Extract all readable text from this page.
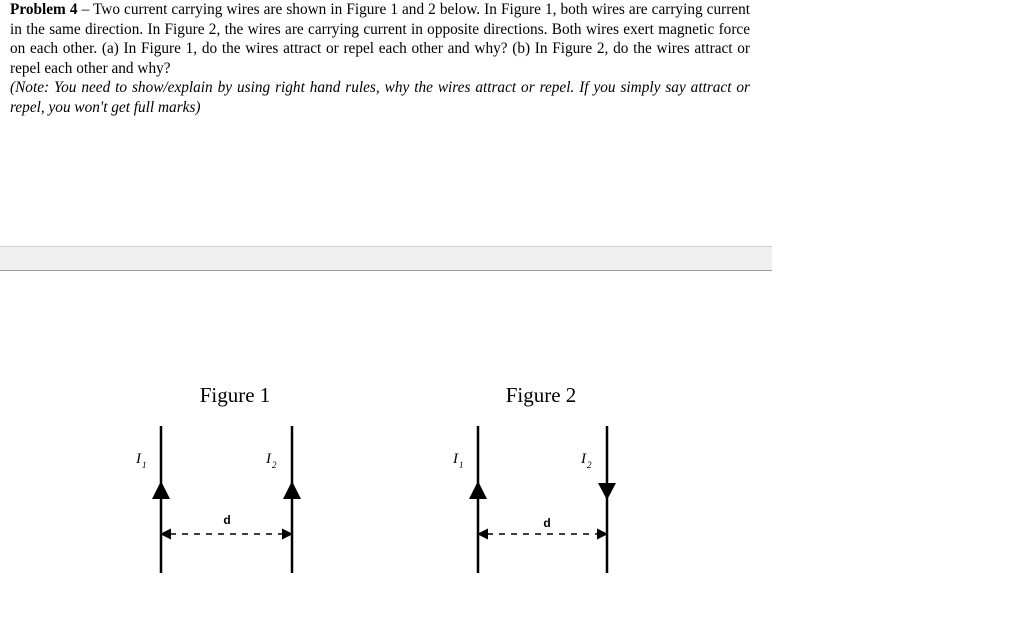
Problem 4 – Two current carrying wires are shown in Figure 1 and 2 below. In Figure 1, both wires are carrying current in the same direction. In Figure 2, the wires are carrying current in opposite directions. Both wires exert magnetic force on each other. (a) In Figure 1, do the wires attract or repel each other and why? (b) In Figure 2, do the wires attract or repel each other and why?

(Note: You need to show/explain by using right hand rules, why the wires attract or repel. If you simply say attract or repel, you won't get full marks)

Figure 1
$I_1$	$I_2$
d
Figure 2
$I_1$	$I_2$
d
